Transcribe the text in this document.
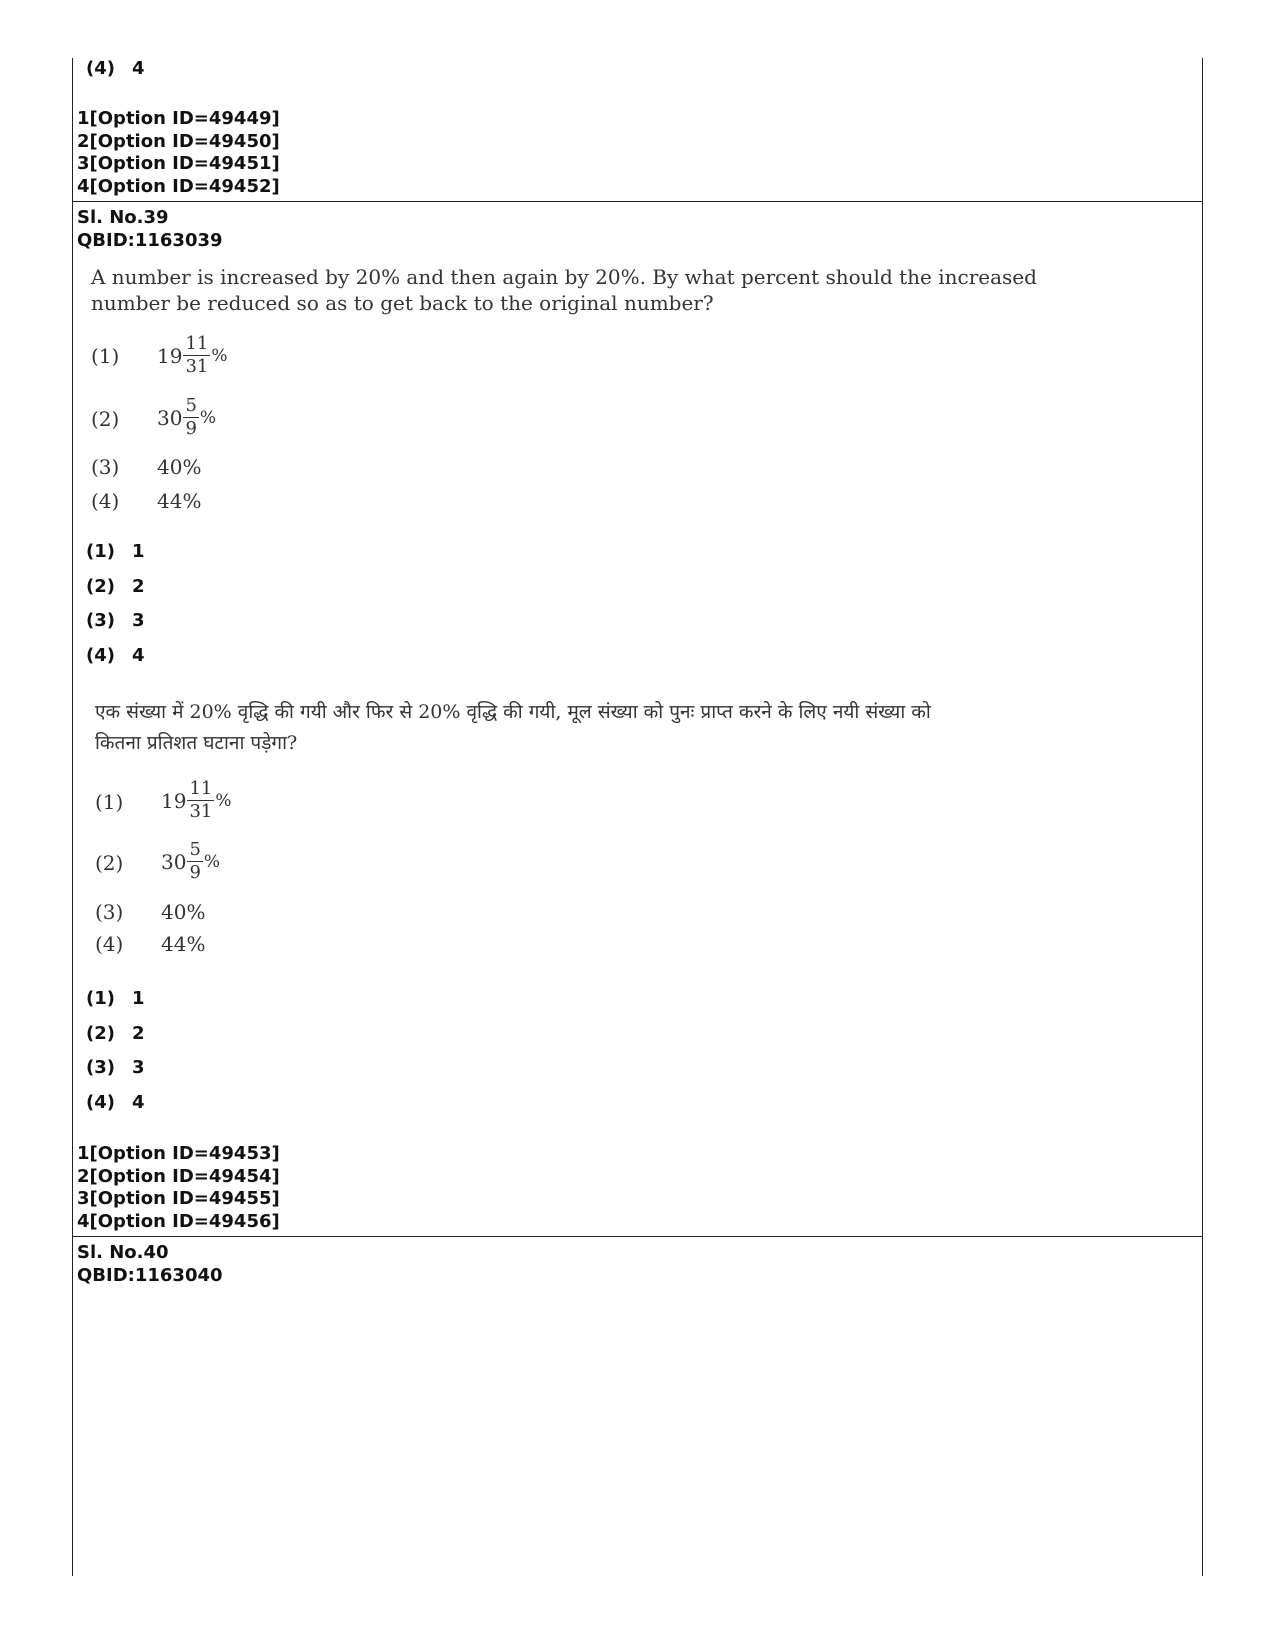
(4) 4
1[Option ID=49449]
2[Option ID=49450]
3[Option ID=49451]
4[Option ID=49452]
Sl. No.39
QBID:1163039
A number is increased by 20% and then again by 20%. By what percent should the increased
number be reduced so as to get back to the original number?
(1) $19 \frac{11}{31}$ %
(2) $30 \frac{5}{9}$ %
(3) 40%
(4) 44%
(1) 1
(2) 2
(3) 3
(4) 4
एक संख्या में 20% वृद्धि की गयी और फिर से 20% वृद्धि की गयी, मूल संख्या को पुनः प्राप्त करने के लिए नयी संख्या को
कितना प्रतिशत घटाना पड़ेगा?
(1) $19 \frac{11}{31}$ %
(2) $30 \frac{5}{9}$ %
(3) 40%
(4) 44%
(1) 1
(2) 2
(3) 3
(4) 4
1[Option ID=49453]
2[Option ID=49454]
3[Option ID=49455]
4[Option ID=49456]
Sl. No.40
QBID:1163040
